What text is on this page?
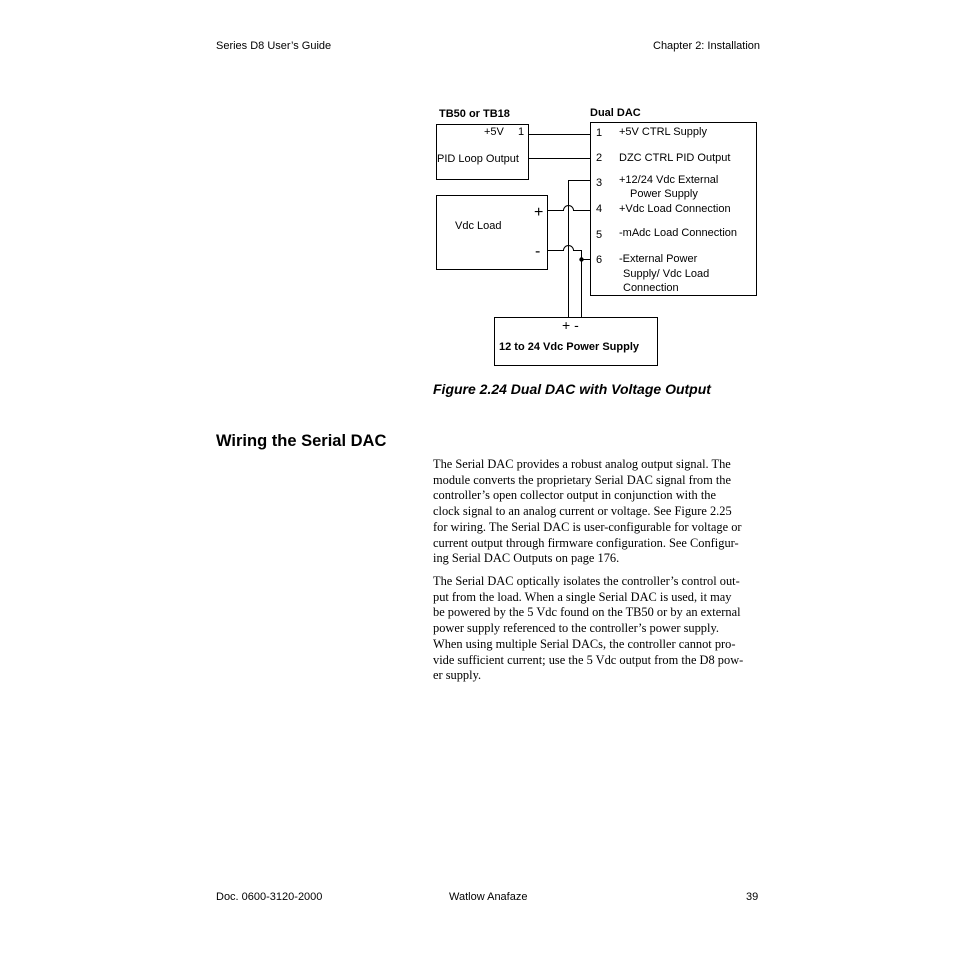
Series D8 User’s Guide	Chapter 2: Installation
TB50 or TB18
+5V 1
PID Loop Output
Dual DAC
1 +5V CTRL Supply
2 DZC CTRL PID Output
3 +12/24 Vdc External
Power Supply
4 +Vdc Load Connection
5 -mAdc Load Connection
6 -External Power
Supply/ Vdc Load
Connection
Vdc Load
+
-
+ -
12 to 24 Vdc Power Supply
Figure 2.24 Dual DAC with Voltage Output
Wiring the Serial DAC
The Serial DAC provides a robust analog output signal. The
module converts the proprietary Serial DAC signal from the
controller’s open collector output in conjunction with the
clock signal to an analog current or voltage. See Figure 2.25
for wiring. The Serial DAC is user-configurable for voltage or
current output through firmware configuration. See Configur-
ing Serial DAC Outputs on page 176.
The Serial DAC optically isolates the controller’s control out-
put from the load. When a single Serial DAC is used, it may
be powered by the 5 Vdc found on the TB50 or by an external
power supply referenced to the controller’s power supply.
When using multiple Serial DACs, the controller cannot pro-
vide sufficient current; use the 5 Vdc output from the D8 pow-
er supply.
Doc. 0600-3120-2000	Watlow Anafaze	39
